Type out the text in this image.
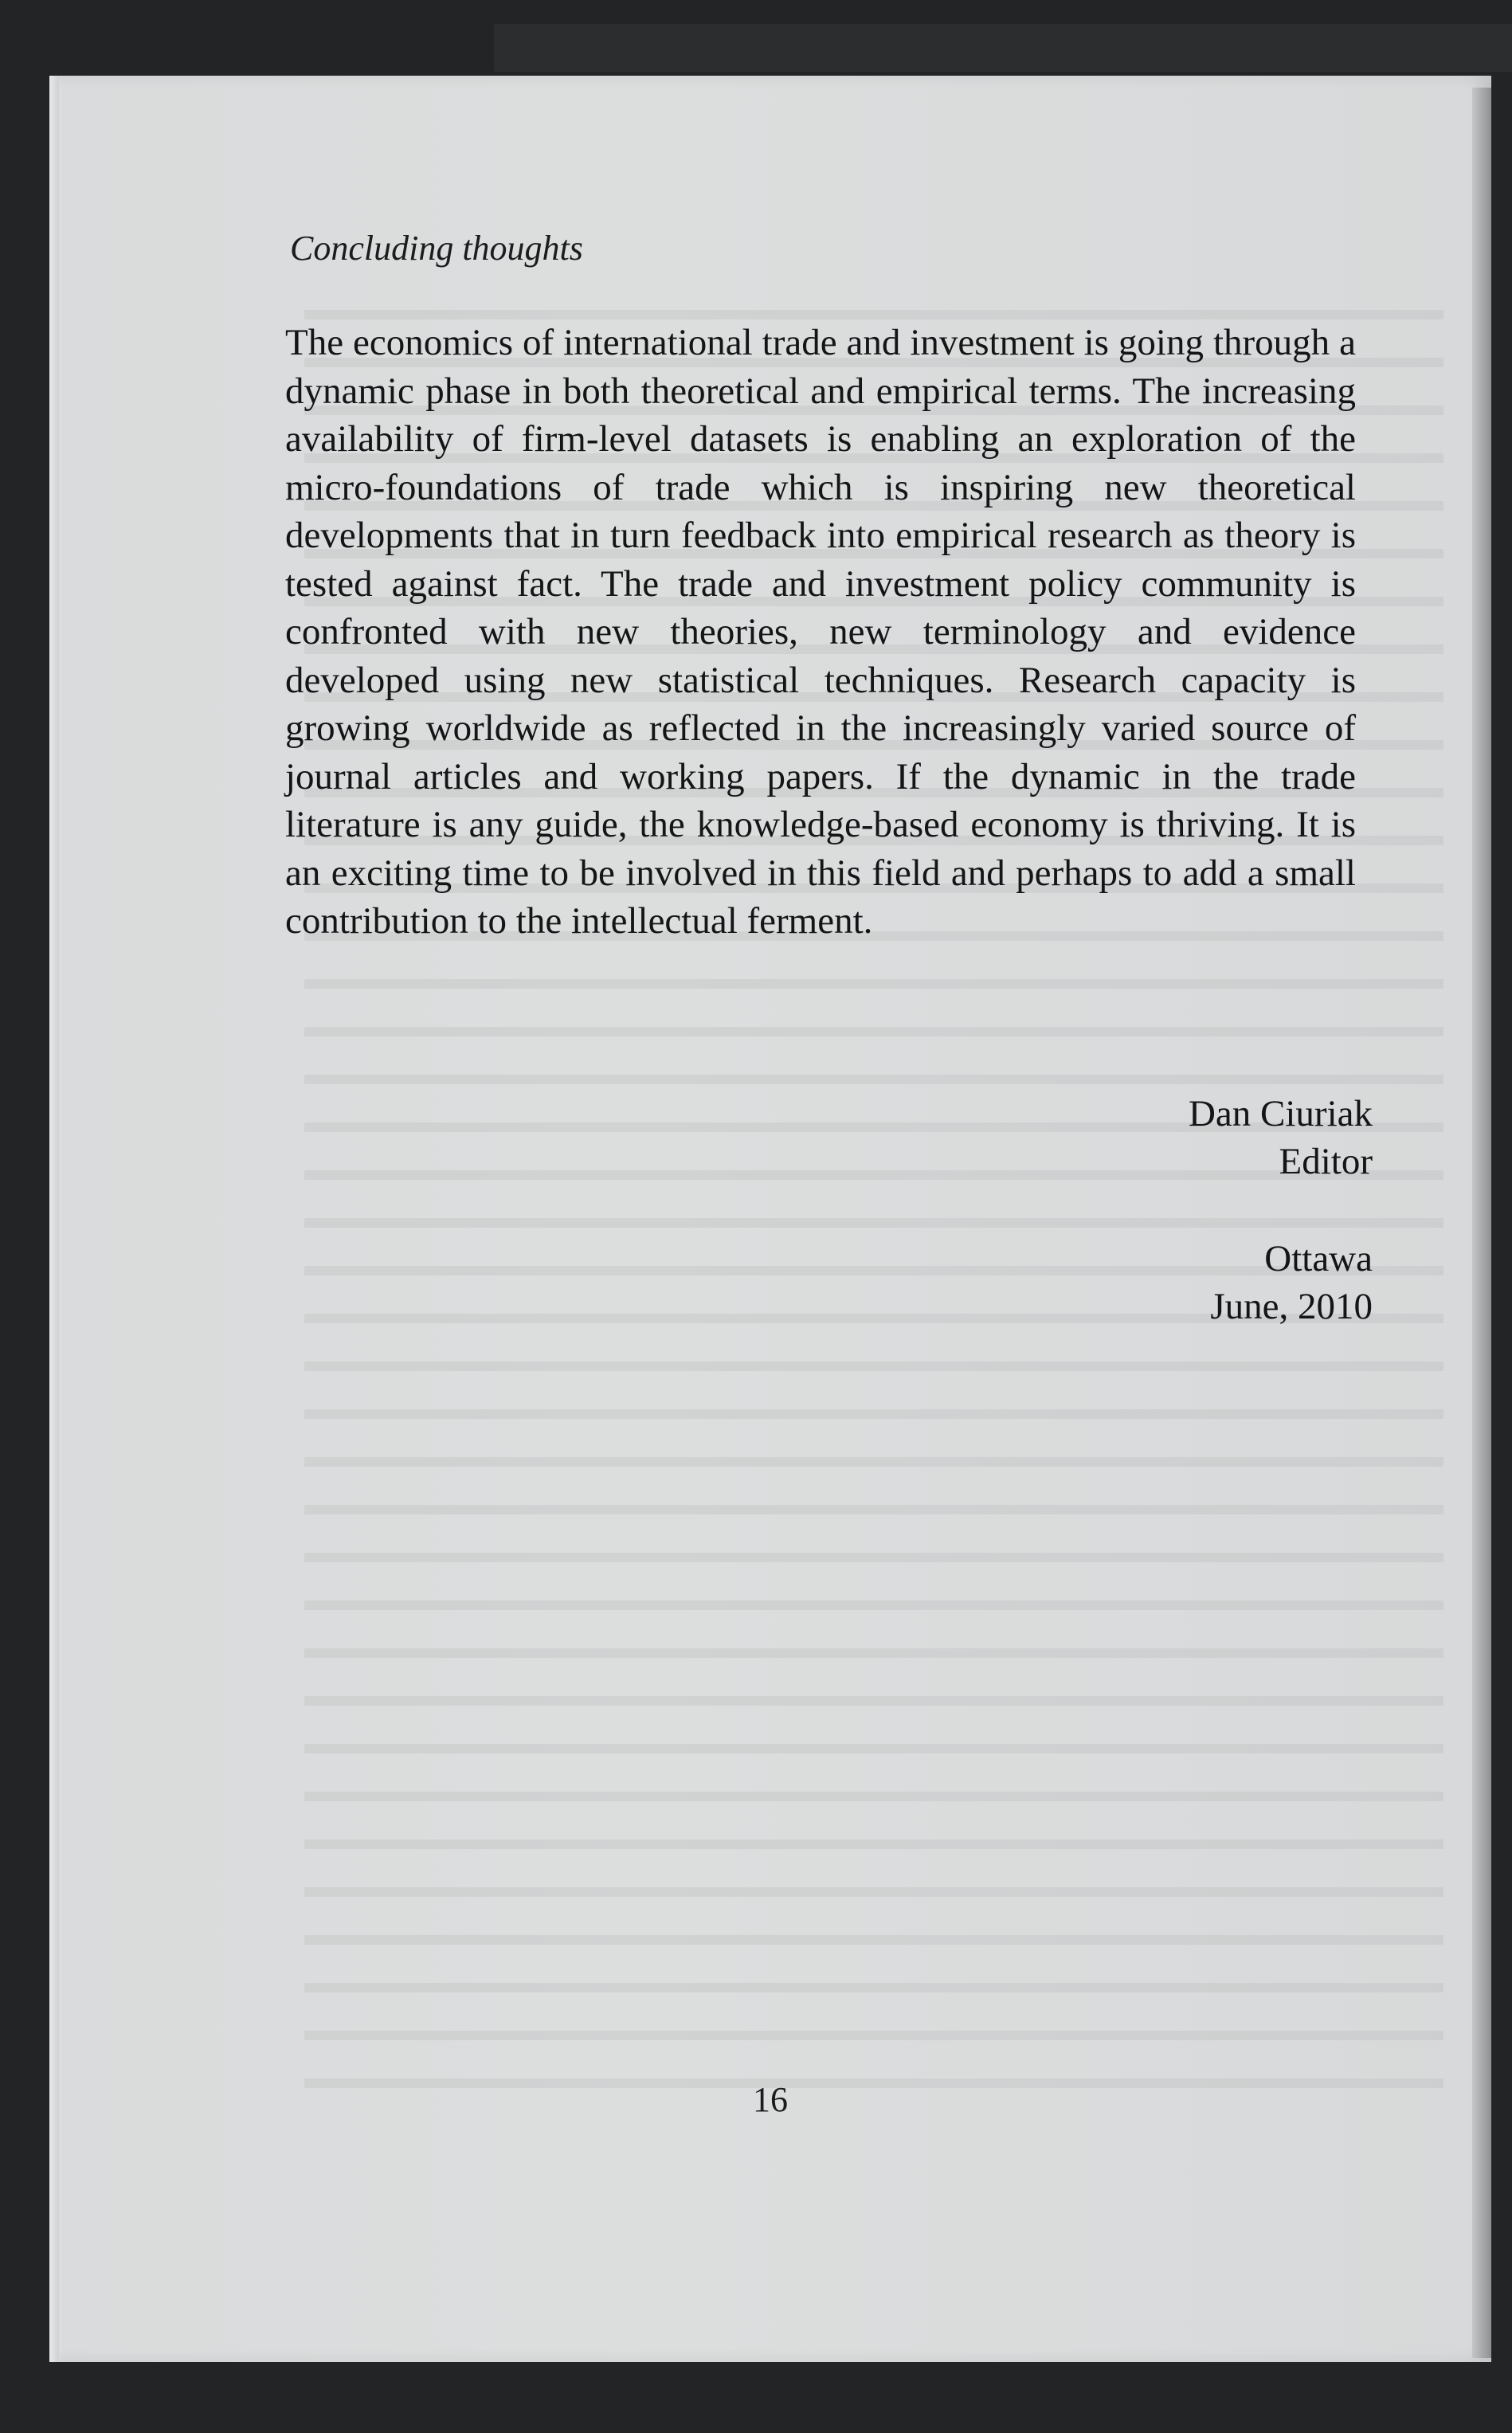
Concluding thoughts

The economics of international trade and investment is going through a dynamic phase in both theoretical and empirical terms. The increasing availability of firm-level datasets is enabling an exploration of the micro-foundations of trade which is inspiring new theoretical developments that in turn feedback into empirical research as theory is tested against fact. The trade and investment policy community is confronted with new theories, new terminology and evidence developed using new statistical techniques. Research capacity is growing worldwide as reflected in the increasingly varied source of journal articles and working papers. If the dynamic in the trade literature is any guide, the knowledge-based economy is thriving. It is an exciting time to be involved in this field and perhaps to add a small contribution to the intellectual ferment.

Dan Ciuriak
Editor
Ottawa
June, 2010
16
